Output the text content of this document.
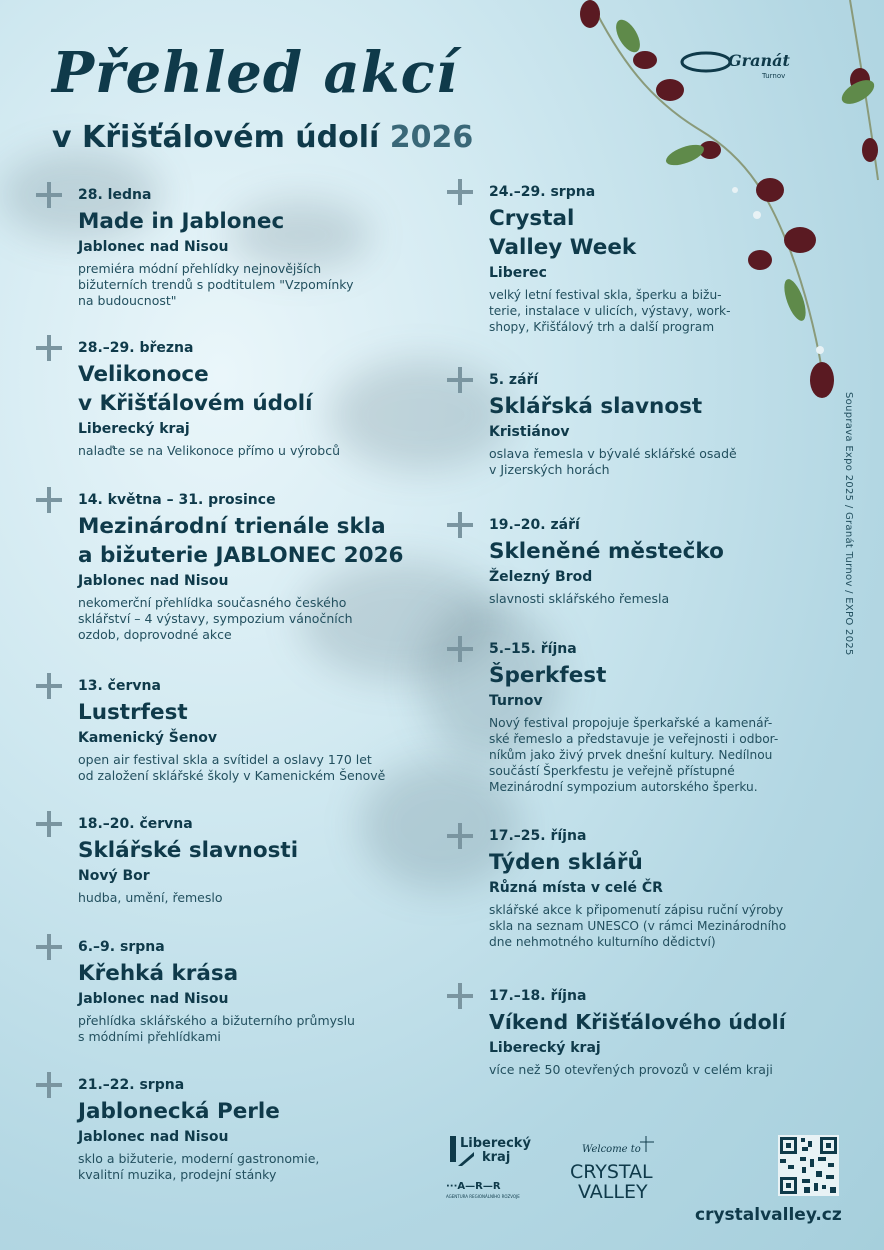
Granát
Turnov
Přehled akcí
v Křišťálovém údolí 2026
28. ledna
Made in Jablonec
Jablonec nad Nisou
premiéra módní přehlídky nejnovějších
bižuterních trendů s podtitulem "Vzpomínky
na budoucnost"
28.–29. března
Velikonoce
v Křišťálovém údolí
Liberecký kraj
nalaďte se na Velikonoce přímo u výrobců
14. května – 31. prosince
Mezinárodní trienále skla
a bižuterie JABLONEC 2026
Jablonec nad Nisou
nekomerční přehlídka současného českého
sklářství – 4 výstavy, sympozium vánočních
ozdob, doprovodné akce
13. června
Lustrfest
Kamenický Šenov
open air festival skla a svítidel a oslavy 170 let
od založení sklářské školy v Kamenickém Šenově
18.–20. června
Sklářské slavnosti
Nový Bor
hudba, umění, řemeslo
6.–9. srpna
Křehká krása
Jablonec nad Nisou
přehlídka sklářského a bižuterního průmyslu
s módními přehlídkami
21.–22. srpna
Jablonecká Perle
Jablonec nad Nisou
sklo a bižuterie, moderní gastronomie,
kvalitní muzika, prodejní stánky
24.–29. srpna
Crystal
Valley Week
Liberec
velký letní festival skla, šperku a bižu-
terie, instalace v ulicích, výstavy, work-
shopy, Křišťálový trh a další program
5. září
Sklářská slavnost
Kristiánov
oslava řemesla v bývalé sklářské osadě
v Jizerských horách
19.–20. září
Skleněné městečko
Železný Brod
slavnosti sklářského řemesla
5.–15. října
Šperkfest
Turnov
Nový festival propojuje šperkařské a kamenář-
ské řemeslo a představuje je veřejnosti i odbor-
níkům jako živý prvek dnešní kultury. Nedílnou
součástí Šperkfestu je veřejně přístupné
Mezinárodní sympozium autorského šperku.
17.–25. října
Týden sklářů
Různá místa v celé ČR
sklářské akce k připomenutí zápisu ruční výroby
skla na seznam UNESCO (v rámci Mezinárodního
dne nehmotného kulturního dědictví)
17.–18. října
Víkend Křišťálového údolí
Liberecký kraj
více než 50 otevřených provozů v celém kraji
Souprava Expo 2025 / Granát Turnov / EXPO 2025
Liberecký
kraj
···A—R—R
AGENTURA REGIONÁLNÍHO ROZVOJE
Welcome to
CRYSTAL
VALLEY
crystalvalley.cz
